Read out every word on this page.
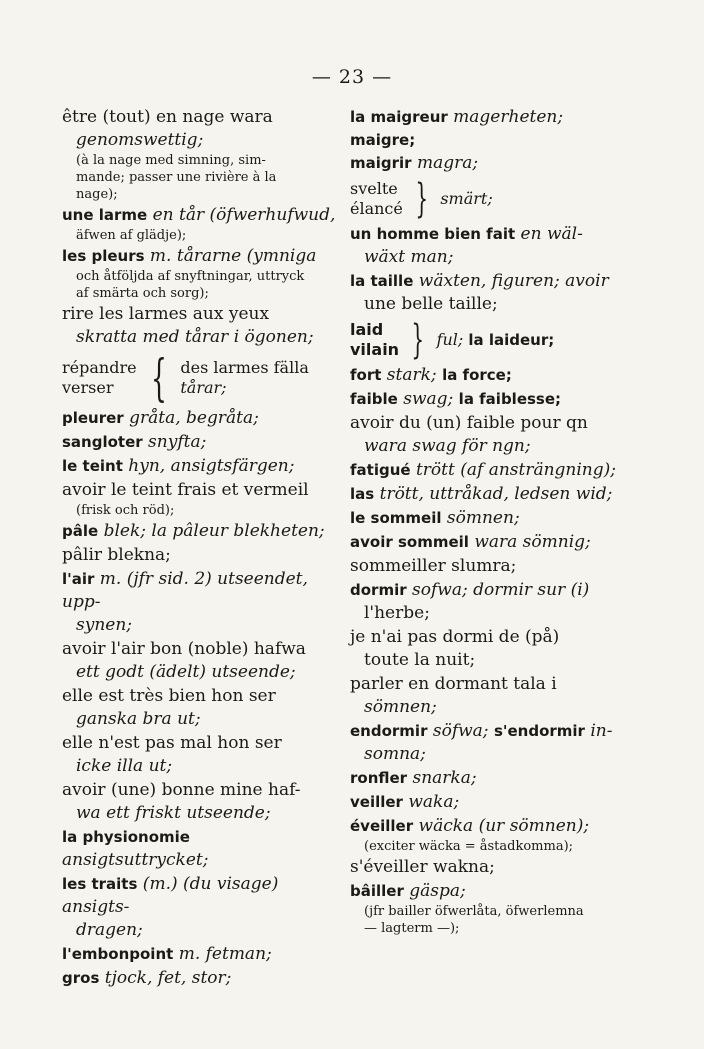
— 23 —
être (tout) en nage wara
genomswettig;
(à la nage med simning, sim-
mande; passer une rivière à la
nage);
une larme en tår (öfwerhufwud,
äfwen af glädje);
les pleurs m. tårarne (ymniga
och åtföljda af snyftningar, uttryck
af smärta och sorg);
rire les larmes aux yeux
skratta med tårar i ögonen;
répandre
verser { des larmes fälla
tårar;
pleurer gråta, begråta;
sangloter snyfta;
le teint hyn, ansigtsfärgen;
avoir le teint frais et vermeil
(frisk och röd);
pâle blek; la pâleur blekheten;
pâlir blekna;
l'air m. (jfr sid. 2) utseendet, upp-
synen;
avoir l'air bon (noble) hafwa
ett godt (ädelt) utseende;
elle est très bien hon ser
ganska bra ut;
elle n'est pas mal hon ser
icke illa ut;
avoir (une) bonne mine haf-
wa ett friskt utseende;
la physionomie ansigtsuttrycket;
les traits (m.) (du visage) ansigts-
dragen;
l'embonpoint m. fetman;
gros tjock, fet, stor;
la maigreur magerheten; maigre;
maigrir magra;
svelte
élancé } smärt;
un homme bien fait en wäl-
wäxt man;
la taille wäxten, figuren; avoir
une belle taille;
laid
vilain } ful; la laideur;
fort stark; la force;
faible swag; la faiblesse;
avoir du (un) faible pour qn
wara swag för ngn;
fatigué trött (af ansträngning);
las trött, uttråkad, ledsen wid;
le sommeil sömnen;
avoir sommeil wara sömnig;
sommeiller slumra;
dormir sofwa; dormir sur (i)
l'herbe;
je n'ai pas dormi de (på)
toute la nuit;
parler en dormant tala i
sömnen;
endormir söfwa; s'endormir in-
somna;
ronfler snarka;
veiller waka;
éveiller wäcka (ur sömnen);
(exciter wäcka = åstadkomma);
s'éveiller wakna;
bâiller gäspa;
(jfr bailler öfwerlåta, öfwerlemna
— lagterm —);
